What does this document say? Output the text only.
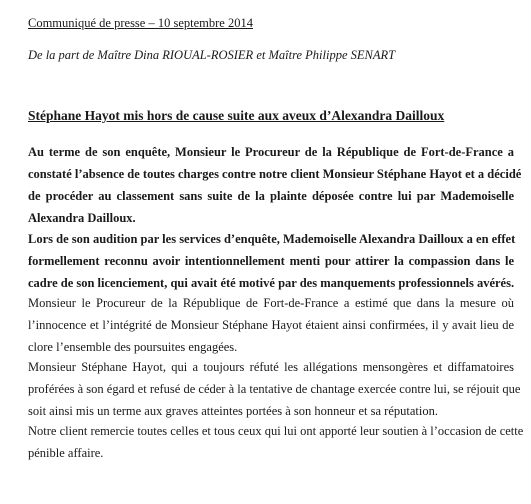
Communiqué de presse – 10 septembre 2014

De la part de Maître Dina RIOUAL-ROSIER et Maître Philippe SENART

Stéphane Hayot mis hors de cause suite aux aveux d’Alexandra Dailloux
Au terme de son enquête, Monsieur le Procureur de la République de Fort-de-France a
constaté l’absence de toutes charges contre notre client Monsieur Stéphane Hayot et a décidé
de procéder au classement sans suite de la plainte déposée contre lui par Mademoiselle
Alexandra Dailloux.
Lors de son audition par les services d’enquête, Mademoiselle Alexandra Dailloux a en effet
formellement reconnu avoir intentionnellement menti pour attirer la compassion dans le
cadre de son licenciement, qui avait été motivé par des manquements professionnels avérés.
Monsieur le Procureur de la République de Fort-de-France a estimé que dans la mesure où
l’innocence et l’intégrité de Monsieur Stéphane Hayot étaient ainsi confirmées, il y avait lieu de
clore l’ensemble des poursuites engagées.
Monsieur Stéphane Hayot, qui a toujours réfuté les allégations mensongères et diffamatoires
proférées à son égard et refusé de céder à la tentative de chantage exercée contre lui, se réjouit que
soit ainsi mis un terme aux graves atteintes portées à son honneur et sa réputation.
Notre client remercie toutes celles et tous ceux qui lui ont apporté leur soutien à l’occasion de cette
pénible affaire.
